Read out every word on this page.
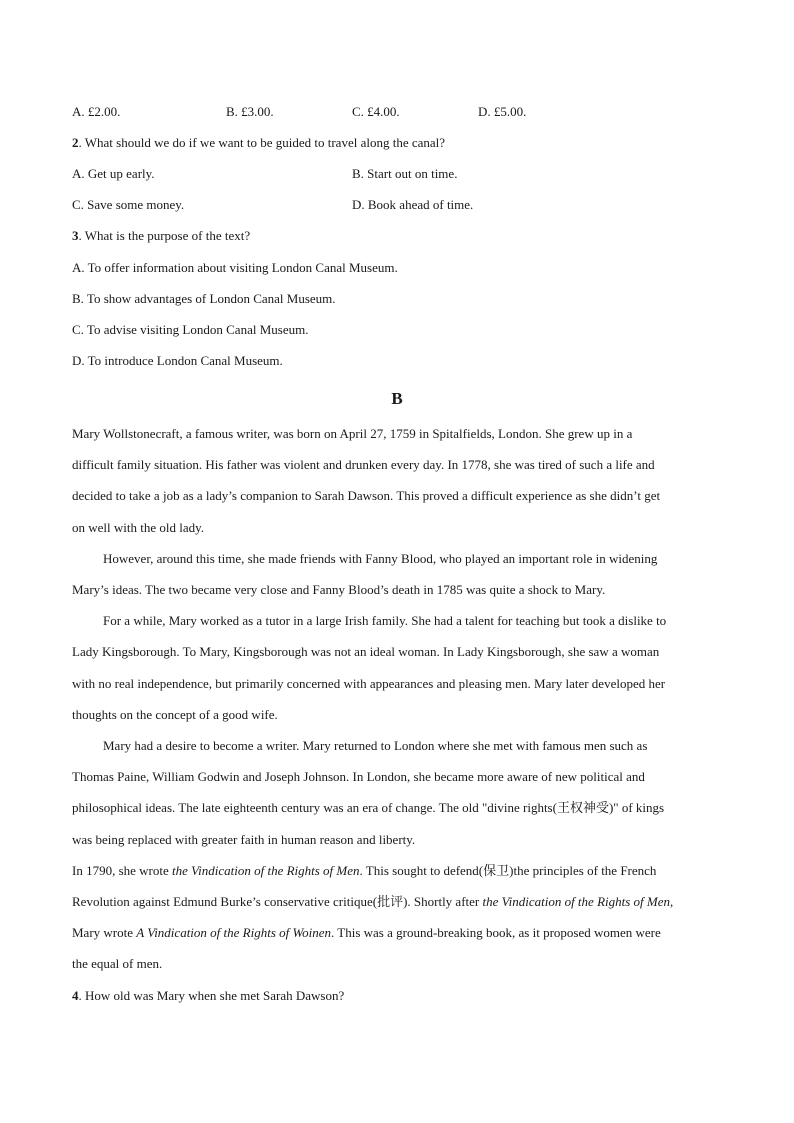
A. £2.00.	B. £3.00.	C. £4.00.	D. £5.00.
2. What should we do if we want to be guided to travel along the canal?
A. Get up early.	B. Start out on time.
C. Save some money.	D. Book ahead of time.
3. What is the purpose of the text?
A. To offer information about visiting London Canal Museum.
B. To show advantages of London Canal Museum.
C. To advise visiting London Canal Museum.
D. To introduce London Canal Museum.
B
Mary Wollstonecraft, a famous writer, was born on April 27, 1759 in Spitalfields, London. She grew up in a
difficult family situation. His father was violent and drunken every day. In 1778, she was tired of such a life and
decided to take a job as a lady’s companion to Sarah Dawson. This proved a difficult experience as she didn’t get
on well with the old lady.
However, around this time, she made friends with Fanny Blood, who played an important role in widening
Mary’s ideas. The two became very close and Fanny Blood’s death in 1785 was quite a shock to Mary.
For a while, Mary worked as a tutor in a large Irish family. She had a talent for teaching but took a dislike to
Lady Kingsborough. To Mary, Kingsborough was not an ideal woman. In Lady Kingsborough, she saw a woman
with no real independence, but primarily concerned with appearances and pleasing men. Mary later developed her
thoughts on the concept of a good wife.
Mary had a desire to become a writer. Mary returned to London where she met with famous men such as
Thomas Paine, William Godwin and Joseph Johnson. In London, she became more aware of new political and
philosophical ideas. The late eighteenth century was an era of change. The old "divine rights(王权神受)" of kings
was being replaced with greater faith in human reason and liberty.
In 1790, she wrote the Vindication of the Rights of Men. This sought to defend(保卫)the principles of the French
Revolution against Edmund Burke’s conservative critique(批评). Shortly after the Vindication of the Rights of Men,
Mary wrote A Vindication of the Rights of Woinen. This was a ground-breaking book, as it proposed women were
the equal of men.
4. How old was Mary when she met Sarah Dawson?
